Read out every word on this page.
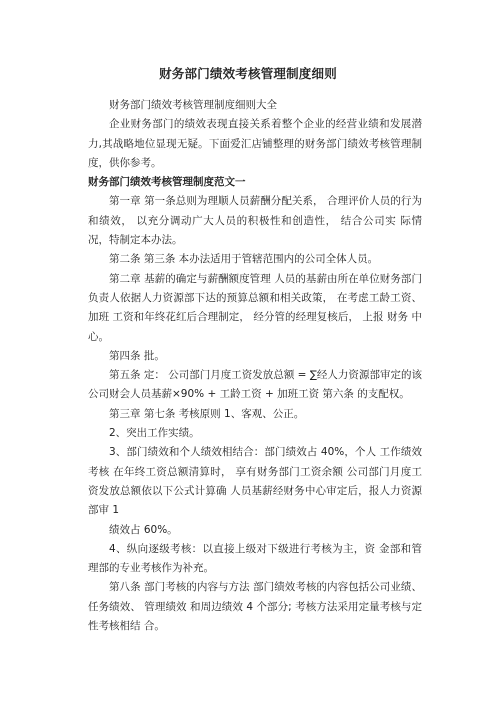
财务部门绩效考核管理制度细则

财务部门绩效考核管理制度细则大全

企业财务部门的绩效表现直接关系着整个企业的经营业绩和发展潜力,其战略地位显现无疑。下面爱汇店铺整理的财务部门绩效考核管理制度，供你参考。

财务部门绩效考核管理制度范文一

第一章 第一条总则为理顺人员薪酬分配关系， 合理评价人员的行为和绩效， 以充分调动广大人员的积极性和创造性， 结合公司实 际情况，特制定本办法。

第二条 第三条 本办法适用于管辖范围内的公司全体人员。

第二章 基薪的确定与薪酬额度管理 人员的基薪由所在单位财务部门负责人依据人力资源部下达的预算总额和相关政策， 在考虑工龄工资、 加班 工资和年终花红后合理制定， 经分管的经理复核后， 上报 财务 中心。

第四条 批。

第五条 定： 公司部门月度工资发放总额 = ∑经人力资源部审定的该公司财会人员基薪×90% + 工龄工资 + 加班工资 第六条 的支配权。

第三章 第七条 考核原则 1、客观、公正。

2、突出工作实绩。

3、部门绩效和个人绩效相结合：部门绩效占 40%，个人 工作绩效考核 在年终工资总额清算时， 享有财务部门工资余额 公司部门月度工资发放总额依以下公式计算确 人员基薪经财务中心审定后，报人力资源部审 1

绩效占 60%。

4、纵向逐级考核：以直接上级对下级进行考核为主，资 金部和管理部的专业考核作为补充。

第八条 部门考核的内容与方法 部门绩效考核的内容包括公司业绩、 任务绩效、 管理绩效 和周边绩效 4 个部分; 考核方法采用定量考核与定性考核相结 合。
